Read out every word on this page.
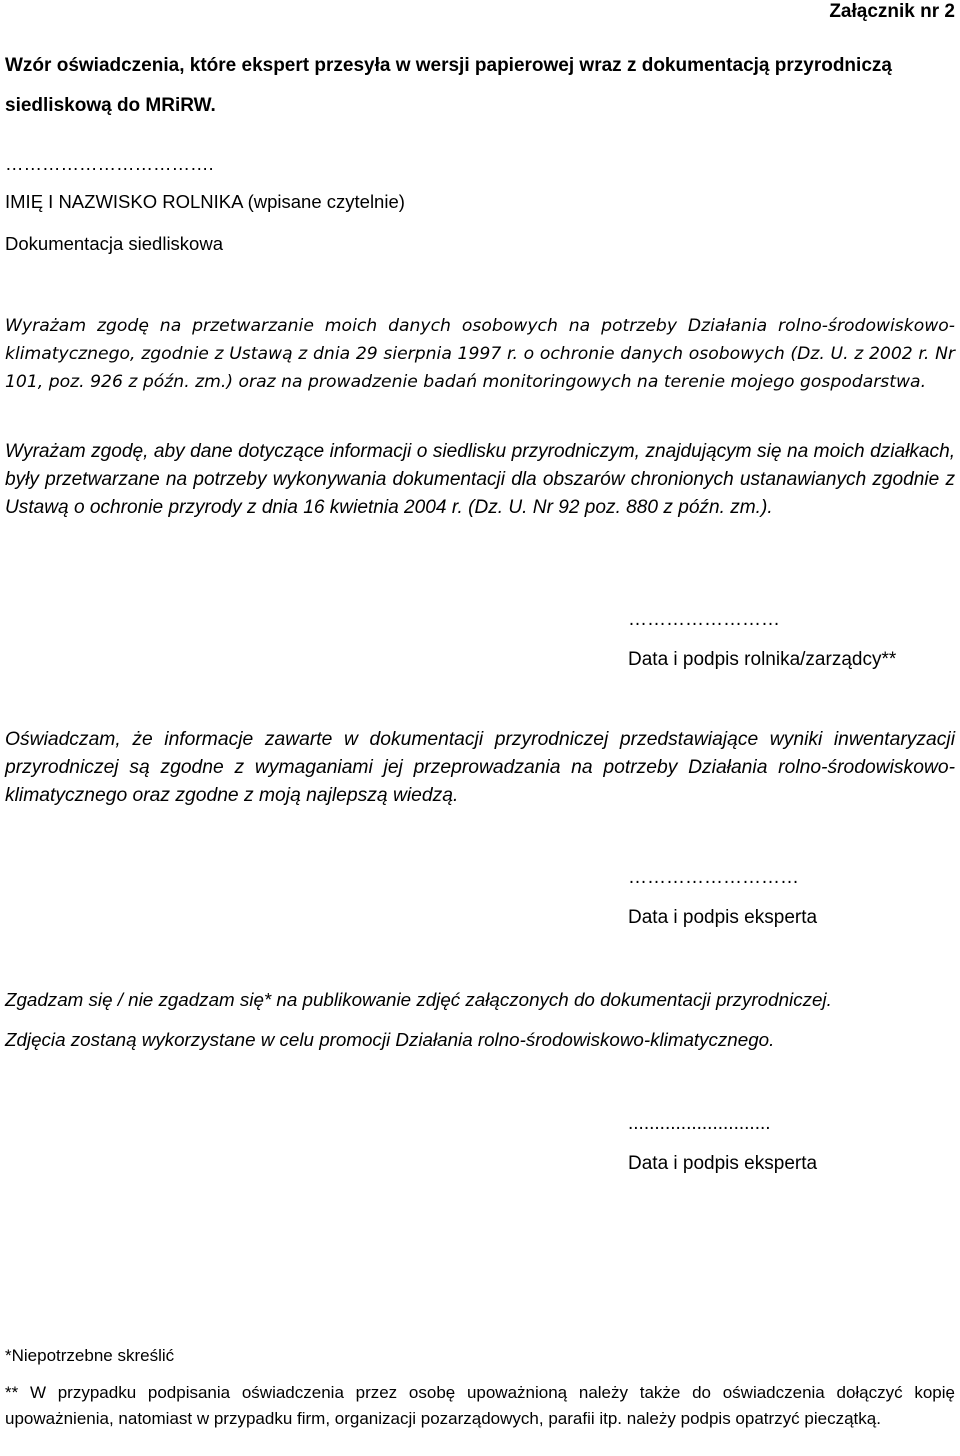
Załącznik nr 2
Wzór oświadczenia, które ekspert przesyła w wersji papierowej wraz z dokumentacją przyrodniczą siedliskową do MRiRW.
…………………………….
IMIĘ I NAZWISKO ROLNIKA (wpisane czytelnie)
Dokumentacja siedliskowa
Wyrażam zgodę na przetwarzanie moich danych osobowych na potrzeby Działania rolno-środowiskowo-klimatycznego, zgodnie z Ustawą z dnia 29 sierpnia 1997 r. o ochronie danych osobowych (Dz. U. z 2002 r. Nr 101, poz. 926 z późn. zm.) oraz na prowadzenie badań monitoringowych na terenie mojego gospodarstwa.
Wyrażam zgodę, aby dane dotyczące informacji o siedlisku przyrodniczym, znajdującym się na moich działkach, były przetwarzane na potrzeby wykonywania dokumentacji dla obszarów chronionych ustanawianych zgodnie z Ustawą o ochronie przyrody z dnia 16 kwietnia 2004 r. (Dz. U. Nr 92 poz. 880 z późn. zm.).
……………………
Data i podpis rolnika/zarządcy**
Oświadczam, że informacje zawarte w dokumentacji przyrodniczej przedstawiające wyniki inwentaryzacji przyrodniczej są zgodne z wymaganiami jej przeprowadzania na potrzeby Działania rolno-środowiskowo-klimatycznego oraz zgodne z moją najlepszą wiedzą.
………………………
Data i podpis eksperta
Zgadzam się / nie zgadzam się* na publikowanie zdjęć załączonych do dokumentacji przyrodniczej.
Zdjęcia zostaną wykorzystane w celu promocji Działania rolno-środowiskowo-klimatycznego.
...........................
Data i podpis eksperta
*Niepotrzebne skreślić
** W przypadku podpisania oświadczenia przez osobę upoważnioną należy także do oświadczenia dołączyć kopię upoważnienia, natomiast w przypadku firm, organizacji pozarządowych, parafii itp. należy podpis opatrzyć pieczątką.
